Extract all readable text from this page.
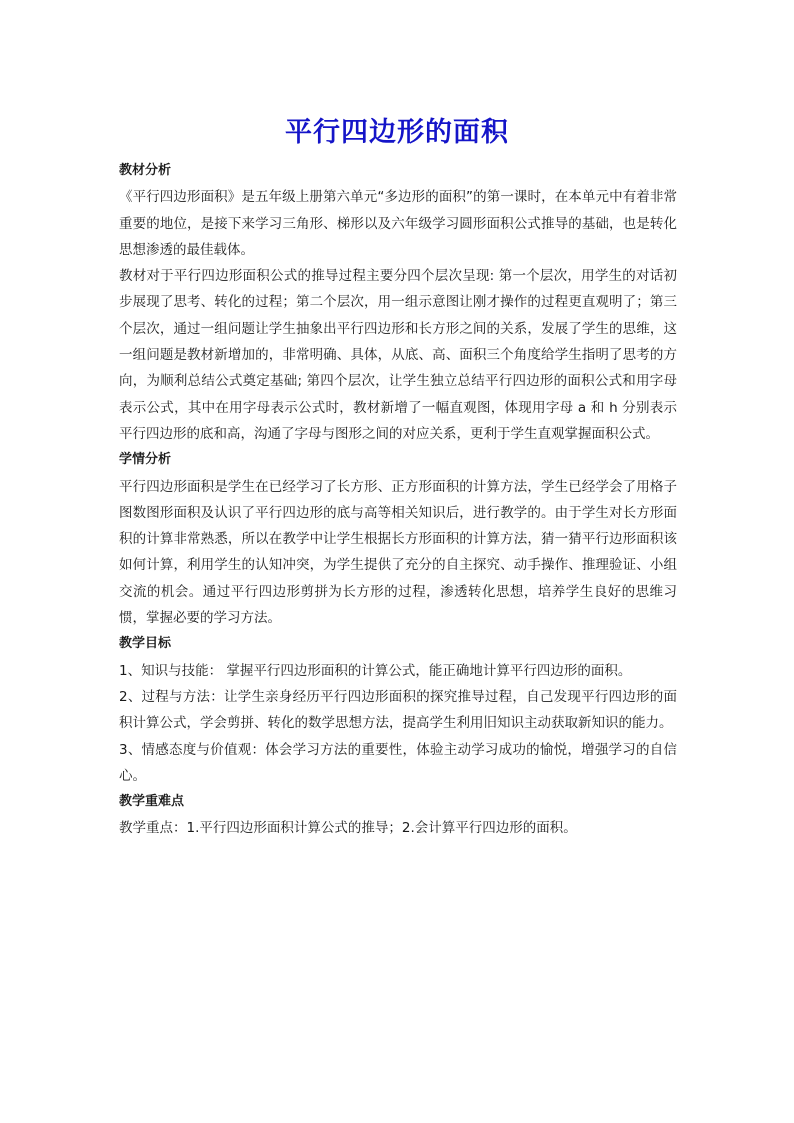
平行四边形的面积
教材分析
《平行四边形面积》是五年级上册第六单元“多边形的面积”的第一课时，在本单元中有着非常重要的地位，是接下来学习三角形、梯形以及六年级学习圆形面积公式推导的基础，也是转化思想渗透的最佳载体。
教材对于平行四边形面积公式的推导过程主要分四个层次呈现: 第一个层次，用学生的对话初步展现了思考、转化的过程；第二个层次，用一组示意图让刚才操作的过程更直观明了；第三个层次，通过一组问题让学生抽象出平行四边形和长方形之间的关系，发展了学生的思维，这一组问题是教材新增加的，非常明确、具体，从底、高、面积三个角度给学生指明了思考的方向，为顺利总结公式奠定基础; 第四个层次，让学生独立总结平行四边形的面积公式和用字母表示公式，其中在用字母表示公式时，教材新增了一幅直观图，体现用字母 a 和 h 分别表示平行四边形的底和高，沟通了字母与图形之间的对应关系，更利于学生直观掌握面积公式。
学情分析
平行四边形面积是学生在已经学习了长方形、正方形面积的计算方法，学生已经学会了用格子图数图形面积及认识了平行四边形的底与高等相关知识后，进行教学的。由于学生对长方形面积的计算非常熟悉，所以在教学中让学生根据长方形面积的计算方法，猜一猜平行边形面积该如何计算，利用学生的认知冲突，为学生提供了充分的自主探究、动手操作、推理验证、小组交流的机会。通过平行四边形剪拼为长方形的过程，渗透转化思想，培养学生良好的思维习惯，掌握必要的学习方法。
教学目标
1、知识与技能： 掌握平行四边形面积的计算公式，能正确地计算平行四边形的面积。
2、过程与方法：让学生亲身经历平行四边形面积的探究推导过程，自己发现平行四边形的面积计算公式，学会剪拼、转化的数学思想方法，提高学生利用旧知识主动获取新知识的能力。
3、情感态度与价值观：体会学习方法的重要性，体验主动学习成功的愉悦，增强学习的自信心。
教学重难点
教学重点：1.平行四边形面积计算公式的推导；2.会计算平行四边形的面积。
